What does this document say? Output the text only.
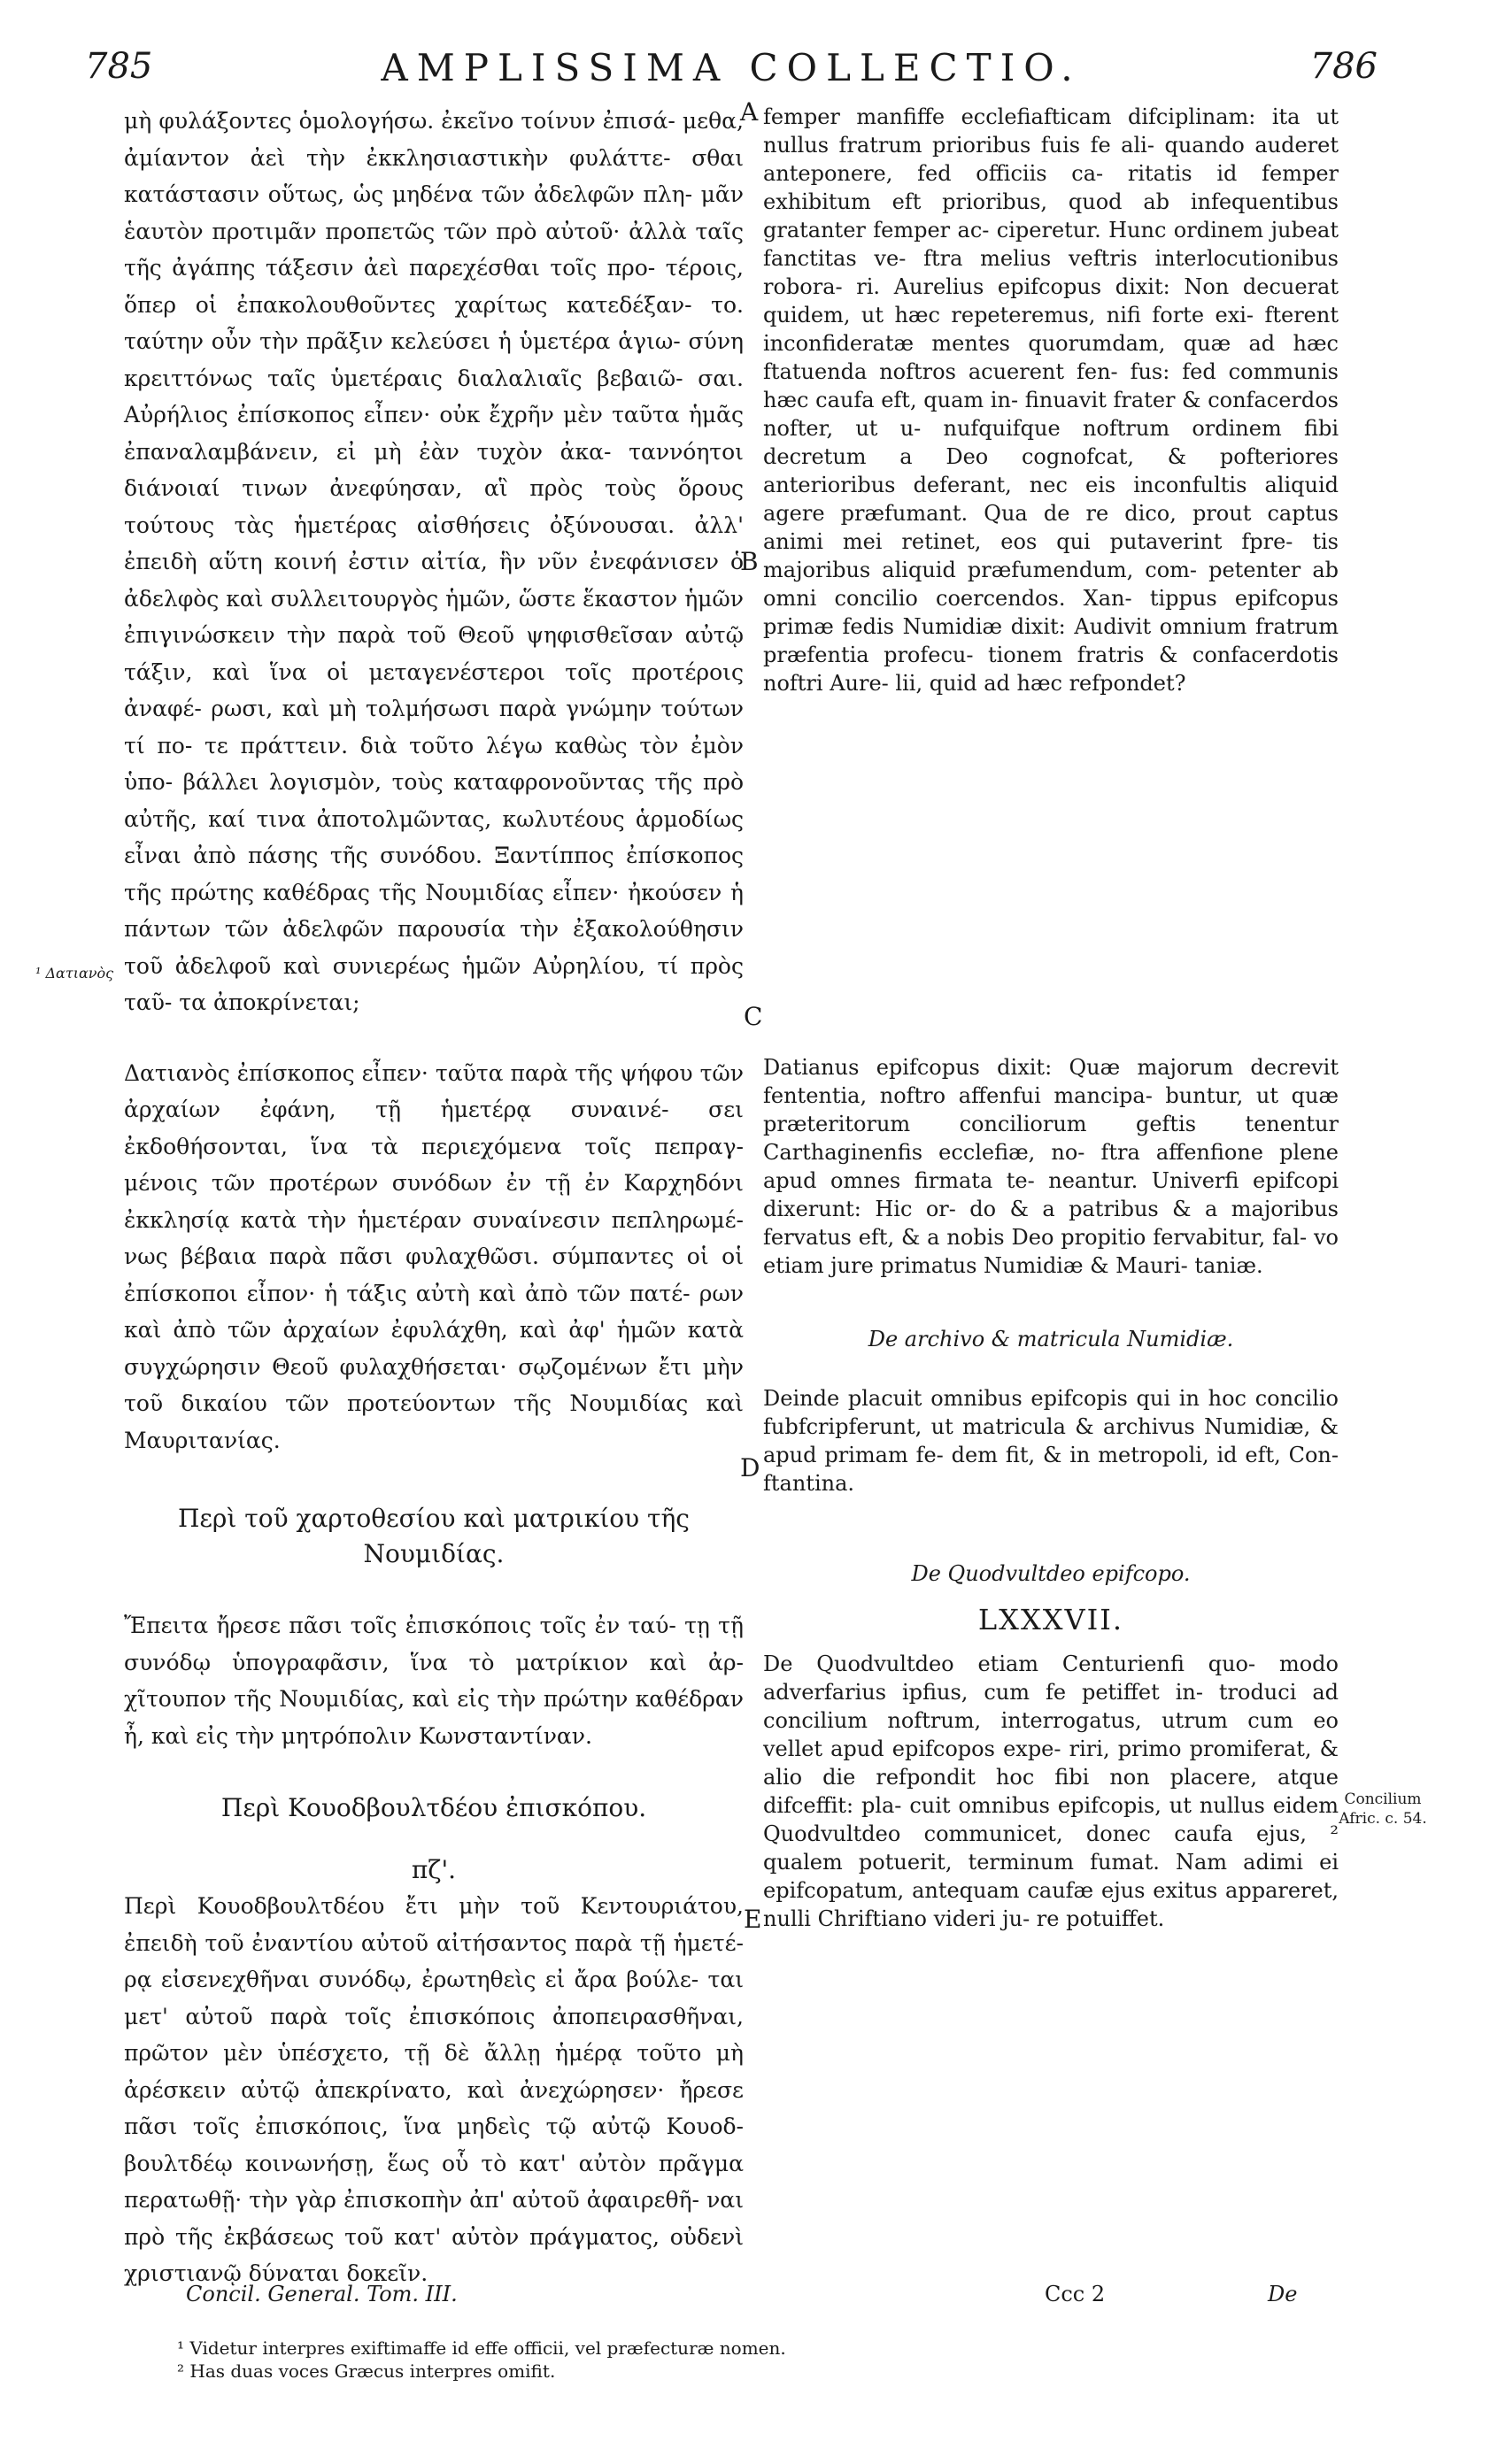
785	AMPLISSIMA COLLECTIO.	786

μὴ φυλάξοντες ὁμολογήσω. ἐκεῖνο τοίνυν ἐπισά- μεθα, ἀμίαντον ἀεὶ τὴν ἐκκλησιαστικὴν φυλάττε- σθαι κατάστασιν οὕτως, ὡς μηδένα τῶν ἀδελφῶν πλη- μᾶν ἑαυτὸν προτιμᾶν προπετῶς τῶν πρὸ αὐτοῦ· ἀλλὰ ταῖς τῆς ἀγάπης τάξεσιν ἀεὶ παρεχέσθαι τοῖς προ- τέροις, ὅπερ οἱ ἐπακολουθοῦντες χαρίτως κατεδέξαν- το. ταύτην οὖν τὴν πρᾶξιν κελεύσει ἡ ὑμετέρα ἁγιω- σύνη κρειττόνως ταῖς ὑμετέραις διαλαλιαῖς βεβαιῶ- σαι. Αὐρήλιος ἐπίσκοπος εἶπεν· οὐκ ἔχρῆν μὲν ταῦτα ἡμᾶς ἐπαναλαμβάνειν, εἰ μὴ ἐὰν τυχὸν ἀκα- ταννόητοι διάνοιαί τινων ἀνεφύησαν, αἳ πρὸς τοὺς ὅρους τούτους τὰς ἡμετέρας αἰσθήσεις ὀξύνουσαι. ἀλλ' ἐπειδὴ αὕτη κοινή ἐστιν αἰτία, ἣν νῦν ἐνεφάνισεν ὁ ἀδελφὸς καὶ συλλειτουργὸς ἡμῶν, ὥστε ἕκαστον ἡμῶν ἐπιγινώσκειν τὴν παρὰ τοῦ Θεοῦ ψηφισθεῖσαν αὐτῷ τάξιν, καὶ ἵνα οἱ μεταγενέστεροι τοῖς προτέροις ἀναφέ- ρωσι, καὶ μὴ τολμήσωσι παρὰ γνώμην τούτων τί πο- τε πράττειν. διὰ τοῦτο λέγω καθὼς τὸν ἐμὸν ὑπο- βάλλει λογισμὸν, τοὺς καταφρονοῦντας τῆς πρὸ αὐτῆς, καί τινα ἀποτολμῶντας, κωλυτέους ἁρμοδίως εἶναι ἀπὸ πάσης τῆς συνόδου. Ξαντίππος ἐπίσκοπος τῆς πρώτης καθέδρας τῆς Νουμιδίας εἶπεν· ἠκούσεν ἡ πάντων τῶν ἀδελφῶν παρουσία τὴν ἐξακολούθησιν τοῦ ἀδελφοῦ καὶ συνιερέως ἡμῶν Αὐρηλίου, τί πρὸς ταῦ- τα ἀποκρίνεται;

Δατιανὸς ἐπίσκοπος εἶπεν· ταῦτα παρὰ τῆς ψήφου τῶν ἀρχαίων ἐφάνη, τῇ ἡμετέρᾳ συναινέ- σει ἐκδοθήσονται, ἵνα τὰ περιεχόμενα τοῖς πεπραγ- μένοις τῶν προτέρων συνόδων ἐν τῇ ἐν Καρχηδόνι ἐκκλησίᾳ κατὰ τὴν ἡμετέραν συναίνεσιν πεπληρωμέ- νως βέβαια παρὰ πᾶσι φυλαχθῶσι. σύμπαντες οἱ οἱ ἐπίσκοποι εἶπον· ἡ τάξις αὐτὴ καὶ ἀπὸ τῶν πατέ- ρων καὶ ἀπὸ τῶν ἀρχαίων ἐφυλάχθη, καὶ ἀφ' ἡμῶν κατὰ συγχώρησιν Θεοῦ φυλαχθήσεται· σῳζομένων ἔτι μὴν τοῦ δικαίου τῶν προτεύοντων τῆς Νουμιδίας καὶ Μαυριτανίας.

Περὶ τοῦ χαρτοθεσίου καὶ ματρικίου τῆς Νουμιδίας.

Ἔπειτα ἤρεσε πᾶσι τοῖς ἐπισκόποις τοῖς ἐν ταύ- τῃ τῇ συνόδῳ ὑπογραφᾶσιν, ἵνα τὸ ματρίκιον καὶ ἀρ- χῖτουπον τῆς Νουμιδίας, καὶ εἰς τὴν πρώτην καθέδραν ἦ, καὶ εἰς τὴν μητρόπολιν Κωνσταντίναν.

Περὶ Κουοδβουλτδέου ἐπισκόπου.
πζ'.

Περὶ Κουοδβουλτδέου ἔτι μὴν τοῦ Κεντουριάτου, ἐπειδὴ τοῦ ἐναντίου αὐτοῦ αἰτήσαντος παρὰ τῇ ἡμετέ- ρᾳ εἰσενεχθῆναι συνόδῳ, ἐρωτηθεὶς εἰ ἄρα βούλε- ται μετ' αὐτοῦ παρὰ τοῖς ἐπισκόποις ἀποπειρασθῆναι, πρῶτον μὲν ὑπέσχετο, τῇ δὲ ἄλλῃ ἡμέρᾳ τοῦτο μὴ ἀρέσκειν αὐτῷ ἀπεκρίνατο, καὶ ἀνεχώρησεν· ἤρεσε πᾶσι τοῖς ἐπισκόποις, ἵνα μηδεὶς τῷ αὐτῷ Κουοδ- βουλτδέῳ κοινωνήσῃ, ἕως οὗ τὸ κατ' αὐτὸν πρᾶγμα περατωθῇ· τὴν γὰρ ἐπισκοπὴν ἀπ' αὐτοῦ ἀφαιρεθῆ- ναι πρὸ τῆς ἐκβάσεως τοῦ κατ' αὐτὸν πράγματος, οὐδενὶ χριστιανῷ δύναται δοκεῖν.

femper manfiffe ecclefiafticam difciplinam: ita ut nullus fratrum prioribus fuis fe ali- quando auderet anteponere, fed officiis ca- ritatis id femper exhibitum eft prioribus, quod ab infequentibus gratanter femper ac- ciperetur. Hunc ordinem jubeat fanctitas ve- ftra melius veftris interlocutionibus robora- ri. Aurelius epifcopus dixit: Non decuerat quidem, ut hæc repeteremus, nifi forte exi- fterent inconfideratæ mentes quorumdam, quæ ad hæc ftatuenda noftros acuerent fen- fus: fed communis hæc caufa eft, quam in- finuavit frater & confacerdos nofter, ut u- nufquifque noftrum ordinem fibi decretum a Deo cognofcat, & pofteriores anterioribus deferant, nec eis inconfultis aliquid agere præfumant. Qua de re dico, prout captus animi mei retinet, eos qui putaverint fpre- tis majoribus aliquid præfumendum, com- petenter ab omni concilio coercendos. Xan- tippus epifcopus primæ fedis Numidiæ dixit: Audivit omnium fratrum præfentia profecu- tionem fratris & confacerdotis noftri Aure- lii, quid ad hæc refpondet?

Datianus epifcopus dixit: Quæ majorum decrevit fententia, noftro affenfui mancipa- buntur, ut quæ præteritorum conciliorum geftis tenentur Carthaginenfis ecclefiæ, no- ftra affenfione plene apud omnes firmata te- neantur. Univerfi epifcopi dixerunt: Hic or- do & a patribus & a majoribus fervatus eft, & a nobis Deo propitio fervabitur, fal- vo etiam jure primatus Numidiæ & Mauri- taniæ.

De archivo & matricula Numidiæ.

Deinde placuit omnibus epifcopis qui in hoc concilio fubfcripferunt, ut matricula & archivus Numidiæ, & apud primam fe- dem fit, & in metropoli, id eft, Con- ftantina.

De Quodvultdeo epifcopo.
LXXXVII.

De Quodvultdeo etiam Centurienfi quo- modo adverfarius ipfius, cum fe petiffet in- troduci ad concilium noftrum, interrogatus, utrum cum eo vellet apud epifcopos expe- riri, primo promiferat, & alio die refpondit hoc fibi non placere, atque difceffit: pla- cuit omnibus epifcopis, ut nullus eidem Quodvultdeo communicet, donec caufa ejus, ² qualem potuerit, terminum fumat. Nam adimi ei epifcopatum, antequam caufæ ejus exitus appareret, nulli Chriftiano videri ju- re potuiffet.

A
B
C
D
E
¹ Δατιανὸς
Concilium Afric. c. 54.
Concil. General. Tom. III.	Ccc 2	De

¹ Videtur interpres exiftimaffe id effe officii, vel præfecturæ nomen.

² Has duas voces Græcus interpres omifit.
